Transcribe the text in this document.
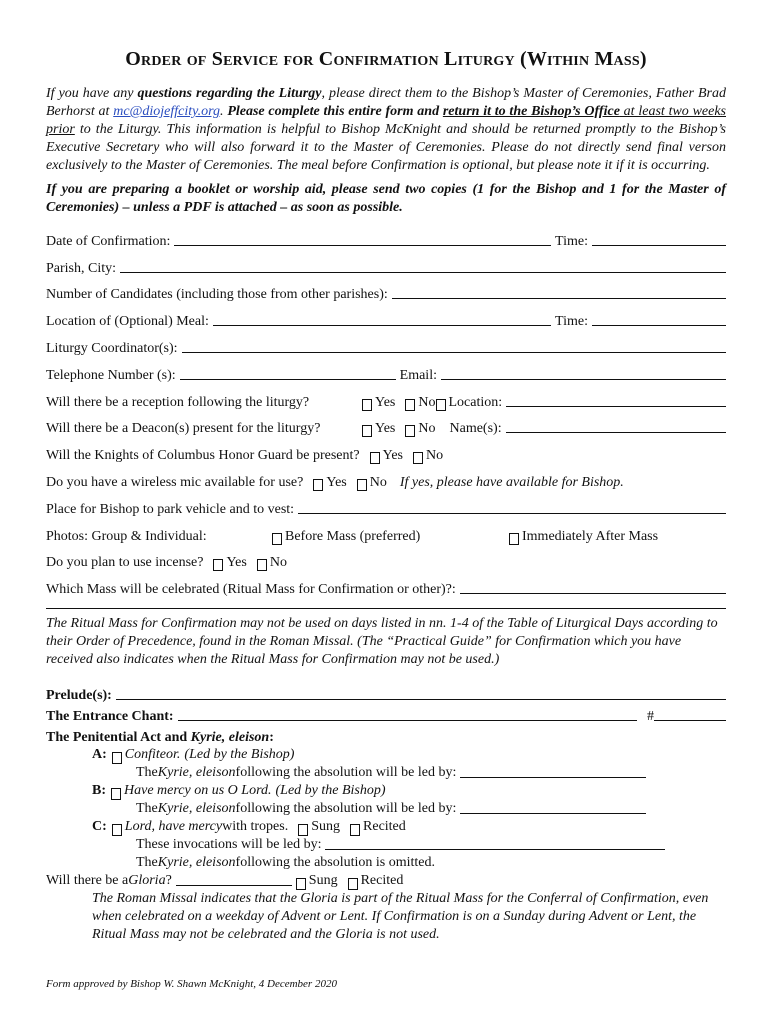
Order of Service for Confirmation Liturgy (Within Mass)

If you have any questions regarding the Liturgy, please direct them to the Bishop’s Master of Ceremonies, Father Brad Berhorst at mc@diojeffcity.org. Please complete this entire form and return it to the Bishop’s Office at least two weeks prior to the Liturgy. This information is helpful to Bishop McKnight and should be returned promptly to the Bishop’s Executive Secretary who will also forward it to the Master of Ceremonies. Please do not directly send final verson exclusively to the Master of Ceremonies. The meal before Confirmation is optional, but please note it if it is occurring.

If you are preparing a booklet or worship aid, please send two copies (1 for the Bishop and 1 for the Master of Ceremonies) – unless a PDF is attached – as soon as possible.

Date of Confirmation:	Time:
Parish, City:
Number of Candidates (including those from other parishes):
Location of (Optional) Meal:	Time:
Liturgy Coordinator(s):
Telephone Number (s):	Email:
Will there be a reception following the liturgy?	Yes No Location:
Will there be a Deacon(s) present for the liturgy?	Yes No Name(s):
Will the Knights of Columbus Honor Guard be present? Yes No
Do you have a wireless mic available for use? Yes No If yes, please have available for Bishop.
Place for Bishop to park vehicle and to vest:
Photos: Group & Individual:	Before Mass (preferred)	Immediately After Mass
Do you plan to use incense? Yes No
Which Mass will be celebrated (Ritual Mass for Confirmation or other)?:

The Ritual Mass for Confirmation may not be used on days listed in nn. 1-4 of the Table of Liturgical Days according to their Order of Precedence, found in the Roman Missal. (The “Practical Guide” for Confirmation which you have received also indicates when the Ritual Mass for Confirmation may not be used.)

Prelude(s):
The Entrance Chant:	#
The Penitential Act and Kyrie, eleison:
A: Confiteor. (Led by the Bishop)
The Kyrie, eleison following the absolution will be led by:
B: Have mercy on us O Lord. (Led by the Bishop)
The Kyrie, eleison following the absolution will be led by:
C: Lord, have mercy with tropes. Sung Recited
These invocations will be led by:
The Kyrie, eleison following the absolution is omitted.
Will there be a Gloria ?	Sung Recited

The Roman Missal indicates that the Gloria is part of the Ritual Mass for the Conferral of Confirmation, even when celebrated on a weekday of Advent or Lent. If Confirmation is on a Sunday during Advent or Lent, the Ritual Mass may not be celebrated and the Gloria is not used.

Form approved by Bishop W. Shawn McKnight, 4 December 2020
